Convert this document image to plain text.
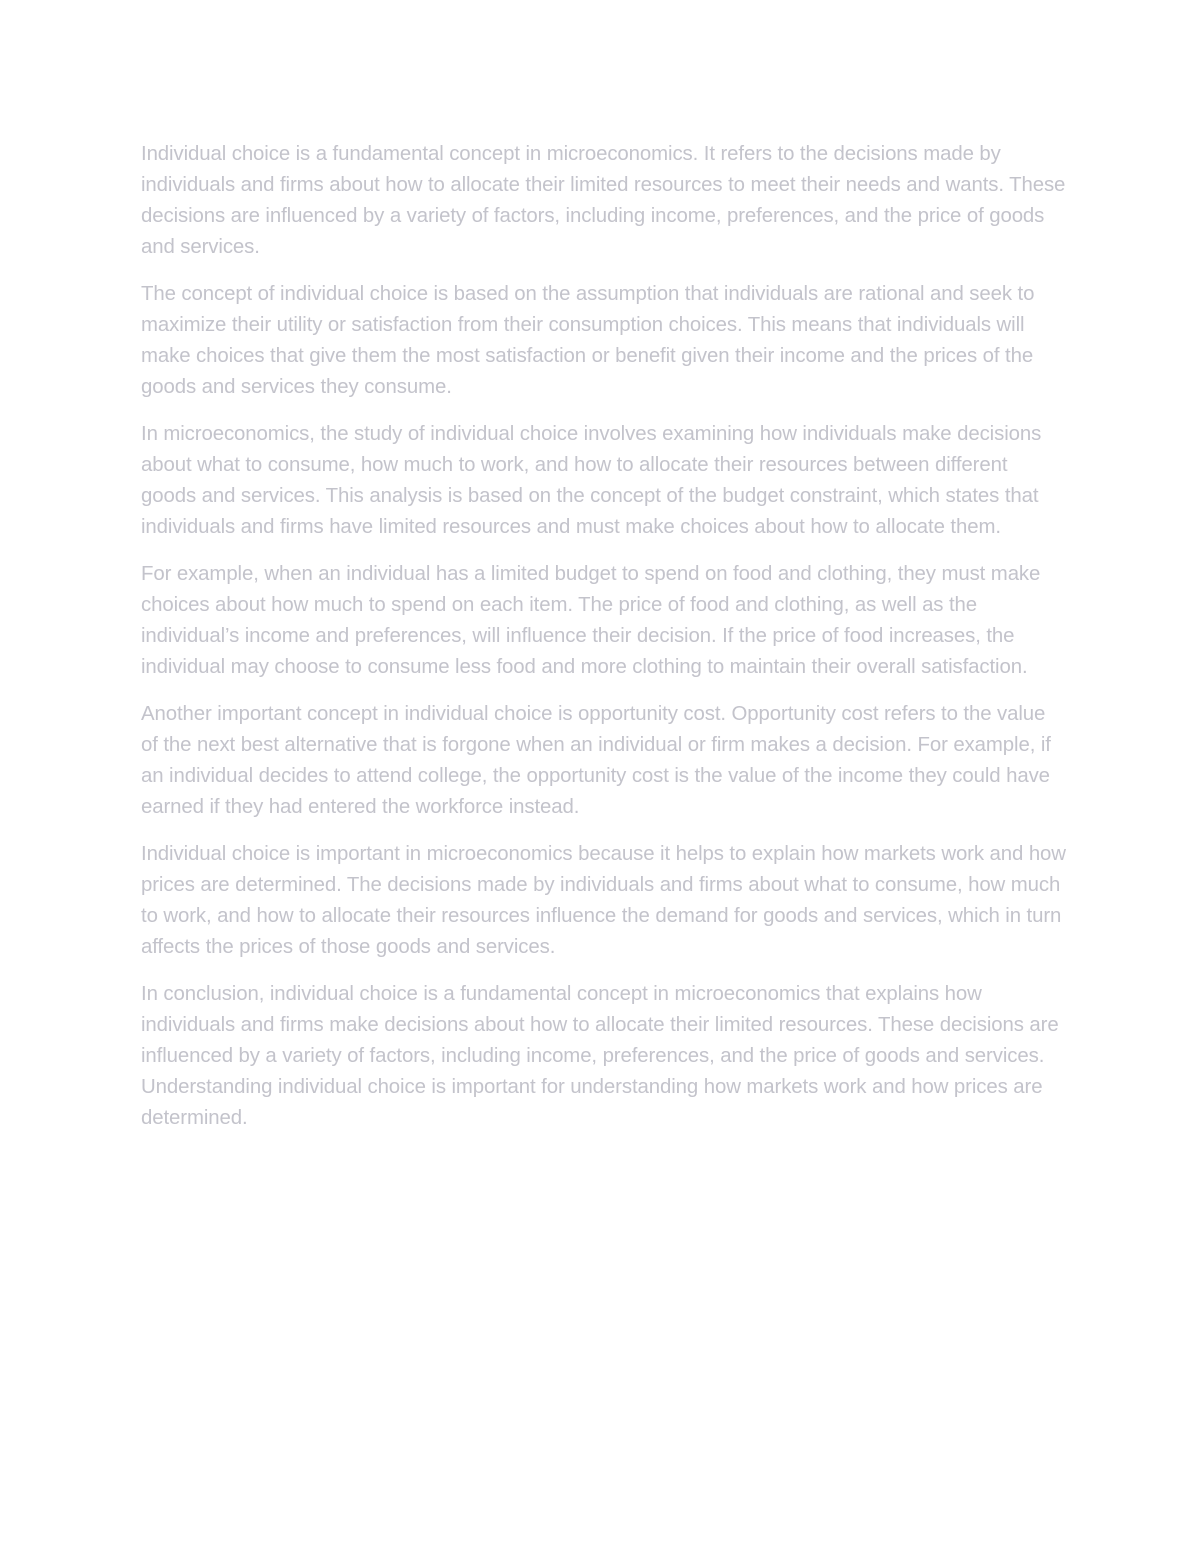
Individual choice is a fundamental concept in microeconomics. It refers to the decisions made by individuals and firms about how to allocate their limited resources to meet their needs and wants. These decisions are influenced by a variety of factors, including income, preferences, and the price of goods and services.

The concept of individual choice is based on the assumption that individuals are rational and seek to maximize their utility or satisfaction from their consumption choices. This means that individuals will make choices that give them the most satisfaction or benefit given their income and the prices of the goods and services they consume.

In microeconomics, the study of individual choice involves examining how individuals make decisions about what to consume, how much to work, and how to allocate their resources between different goods and services. This analysis is based on the concept of the budget constraint, which states that individuals and firms have limited resources and must make choices about how to allocate them.

For example, when an individual has a limited budget to spend on food and clothing, they must make choices about how much to spend on each item. The price of food and clothing, as well as the individual’s income and preferences, will influence their decision. If the price of food increases, the individual may choose to consume less food and more clothing to maintain their overall satisfaction.

Another important concept in individual choice is opportunity cost. Opportunity cost refers to the value of the next best alternative that is forgone when an individual or firm makes a decision. For example, if an individual decides to attend college, the opportunity cost is the value of the income they could have earned if they had entered the workforce instead.

Individual choice is important in microeconomics because it helps to explain how markets work and how prices are determined. The decisions made by individuals and firms about what to consume, how much to work, and how to allocate their resources influence the demand for goods and services, which in turn affects the prices of those goods and services.

In conclusion, individual choice is a fundamental concept in microeconomics that explains how individuals and firms make decisions about how to allocate their limited resources. These decisions are influenced by a variety of factors, including income, preferences, and the price of goods and services. Understanding individual choice is important for understanding how markets work and how prices are determined.
